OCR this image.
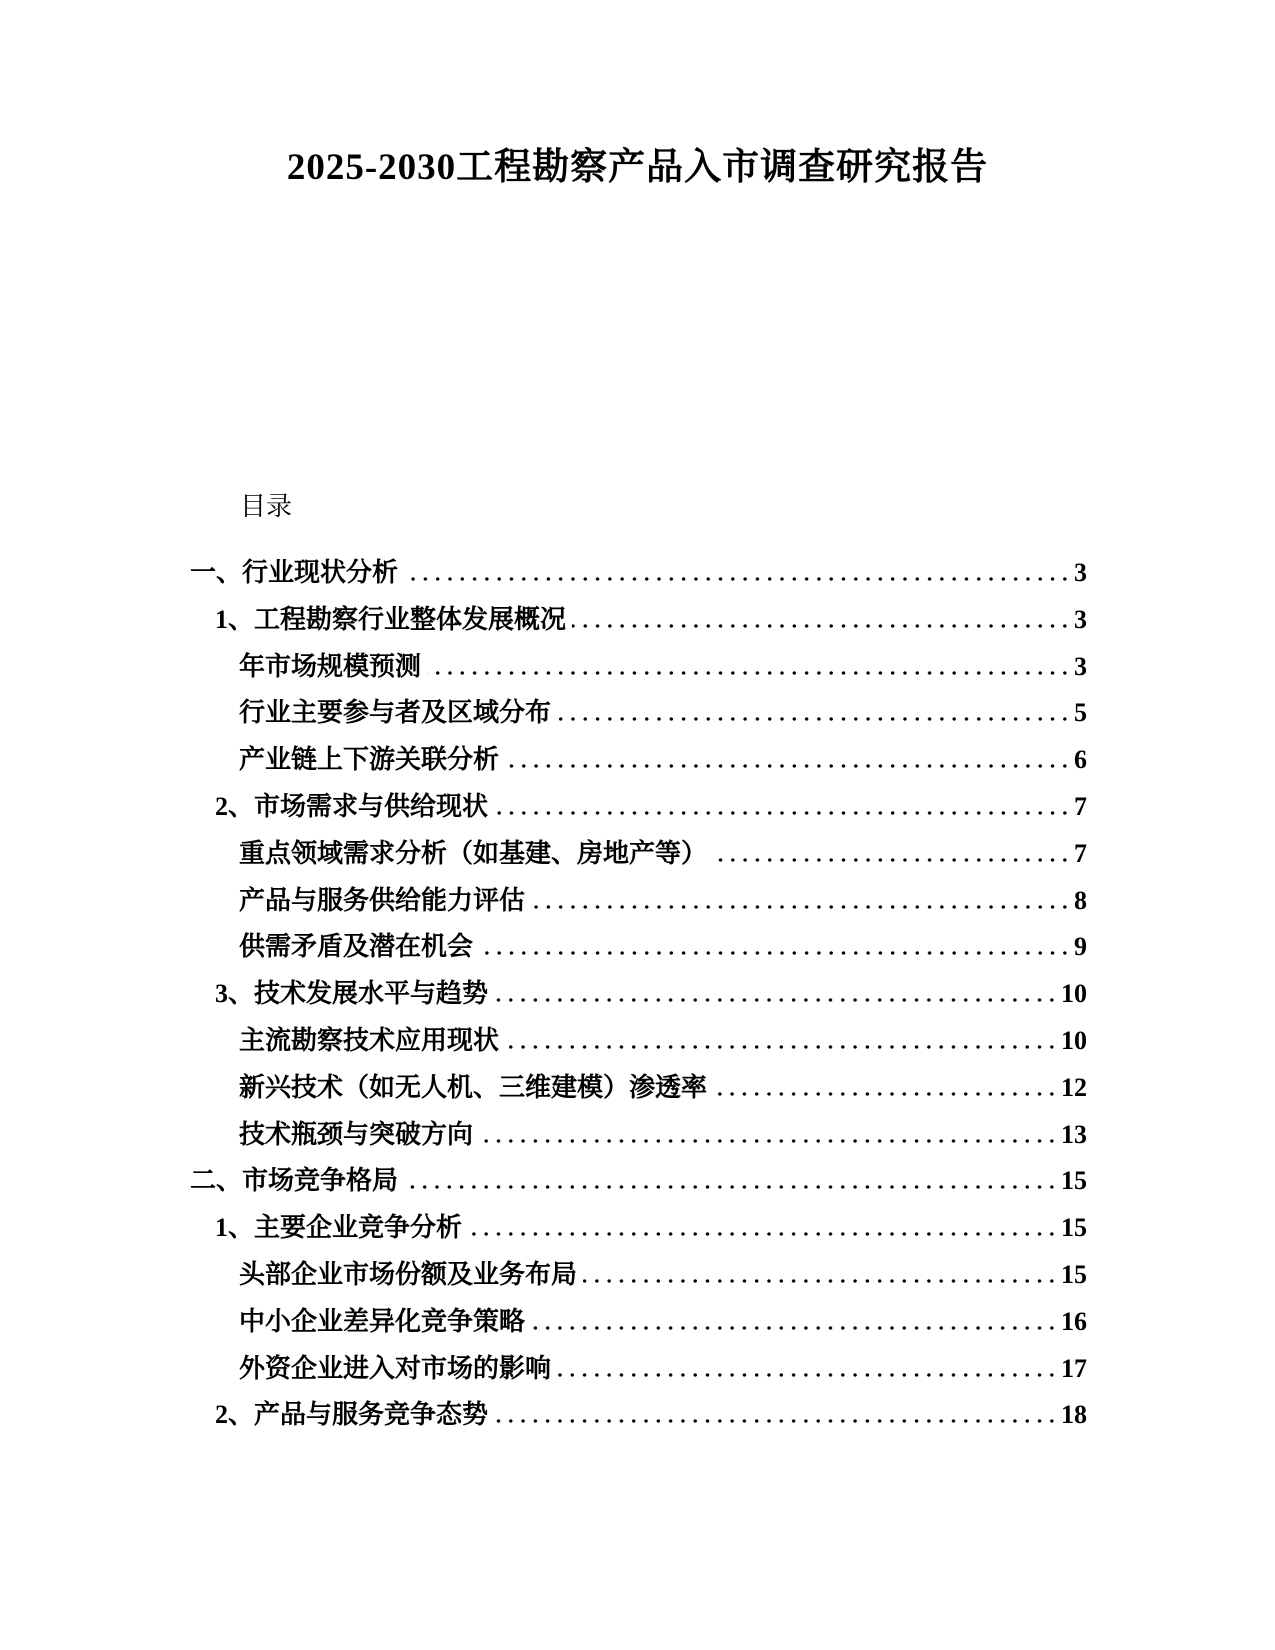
2025-2030工程勘察产品入市调查研究报告
目录
一、行业现状分析	3
1、工程勘察行业整体发展概况	3
年市场规模预测	3
行业主要参与者及区域分布	5
产业链上下游关联分析	6
2、市场需求与供给现状	7
重点领域需求分析（如基建、房地产等）	7
产品与服务供给能力评估	8
供需矛盾及潜在机会	9
3、技术发展水平与趋势	10
主流勘察技术应用现状	10
新兴技术（如无人机、三维建模）渗透率	12
技术瓶颈与突破方向	13
二、市场竞争格局	15
1、主要企业竞争分析	15
头部企业市场份额及业务布局	15
中小企业差异化竞争策略	16
外资企业进入对市场的影响	17
2、产品与服务竞争态势	18
